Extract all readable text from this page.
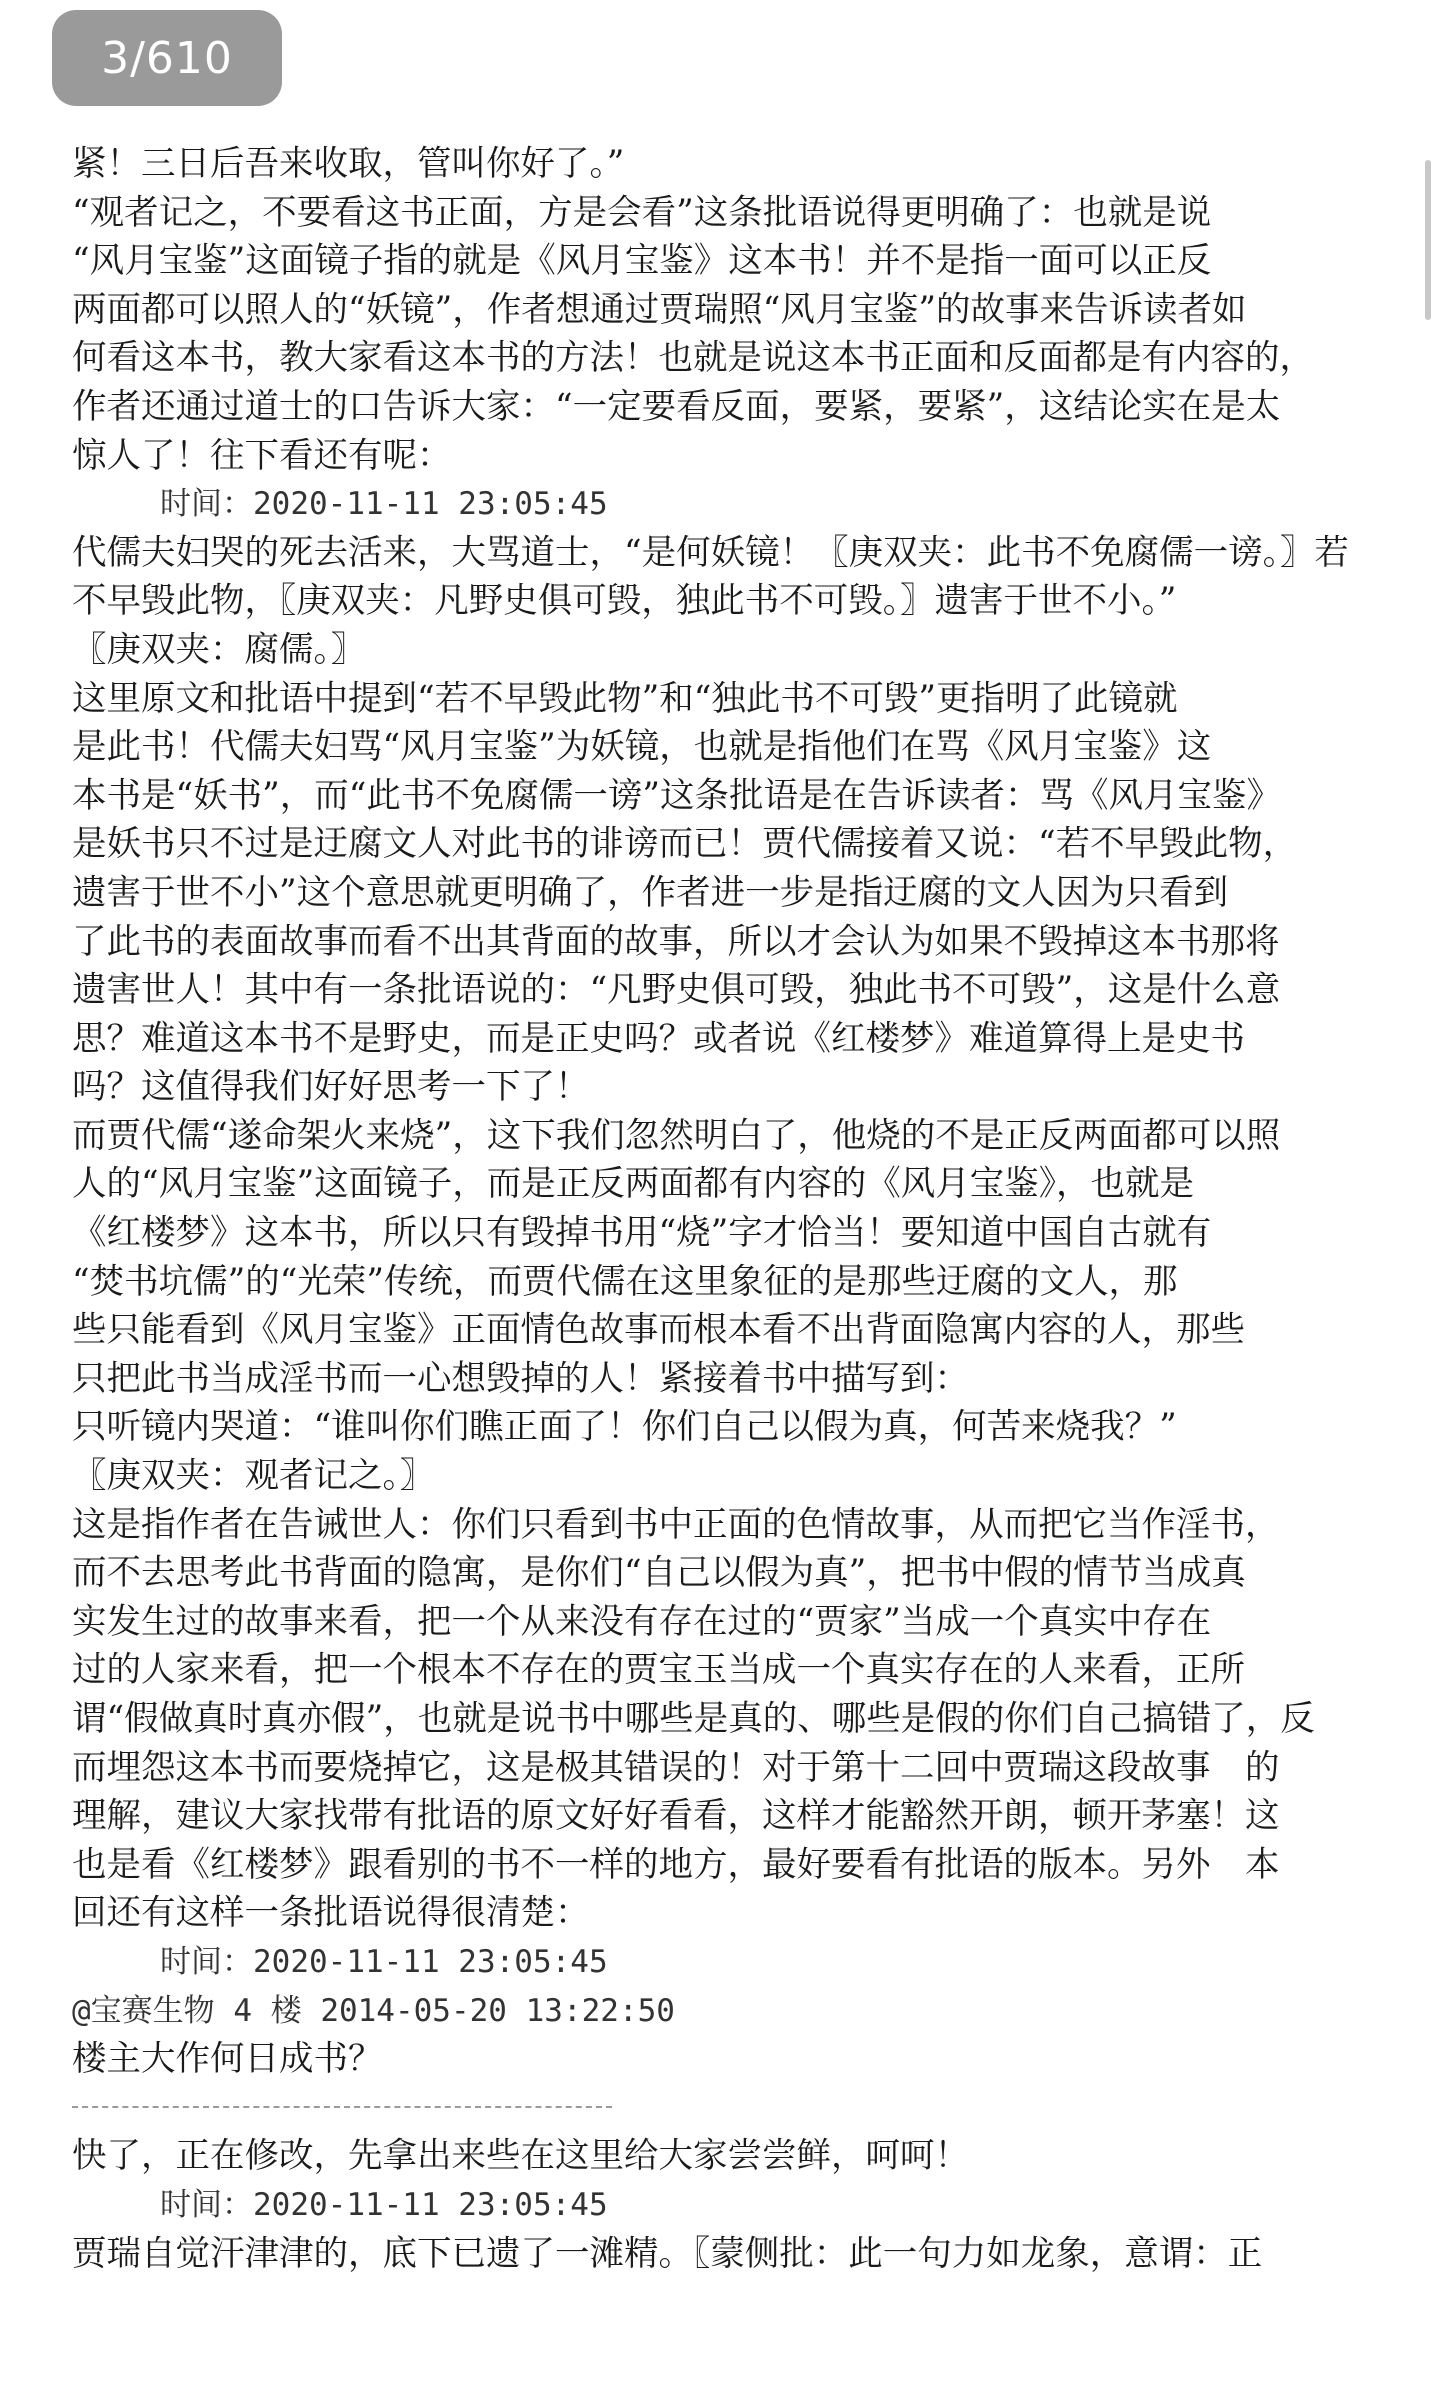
3/610
紧！三日后吾来收取，管叫你好了。”
“观者记之，不要看这书正面，方是会看”这条批语说得更明确了：也就是说
“风月宝鉴”这面镜子指的就是《风月宝鉴》这本书！并不是指一面可以正反
两面都可以照人的“妖镜”，作者想通过贾瑞照“风月宝鉴”的故事来告诉读者如
何看这本书，教大家看这本书的方法！也就是说这本书正面和反面都是有内容的，
作者还通过道士的口告诉大家：“一定要看反面，要紧，要紧”，这结论实在是太
惊人了！往下看还有呢：
时间：2020-11-11 23:05:45
代儒夫妇哭的死去活来，大骂道士，“是何妖镜！〖庚双夹：此书不免腐儒一谤。〗若
不早毁此物，〖庚双夹：凡野史俱可毁，独此书不可毁。〗遗害于世不小。”
〖庚双夹：腐儒。〗
这里原文和批语中提到“若不早毁此物”和“独此书不可毁”更指明了此镜就
是此书！代儒夫妇骂“风月宝鉴”为妖镜，也就是指他们在骂《风月宝鉴》这
本书是“妖书”，而“此书不免腐儒一谤”这条批语是在告诉读者：骂《风月宝鉴》
是妖书只不过是迂腐文人对此书的诽谤而已！贾代儒接着又说：“若不早毁此物，
遗害于世不小”这个意思就更明确了，作者进一步是指迂腐的文人因为只看到
了此书的表面故事而看不出其背面的故事，所以才会认为如果不毁掉这本书那将
遗害世人！其中有一条批语说的：“凡野史俱可毁，独此书不可毁”，这是什么意
思？难道这本书不是野史，而是正史吗？或者说《红楼梦》难道算得上是史书
吗？这值得我们好好思考一下了！
而贾代儒“遂命架火来烧”，这下我们忽然明白了，他烧的不是正反两面都可以照
人的“风月宝鉴”这面镜子，而是正反两面都有内容的《风月宝鉴》，也就是
《红楼梦》这本书，所以只有毁掉书用“烧”字才恰当！要知道中国自古就有
“焚书坑儒”的“光荣”传统，而贾代儒在这里象征的是那些迂腐的文人，那
些只能看到《风月宝鉴》正面情色故事而根本看不出背面隐寓内容的人，那些
只把此书当成淫书而一心想毁掉的人！紧接着书中描写到：
只听镜内哭道：“谁叫你们瞧正面了！你们自己以假为真，何苦来烧我？”
〖庚双夹：观者记之。〗
这是指作者在告诫世人：你们只看到书中正面的色情故事，从而把它当作淫书，
而不去思考此书背面的隐寓，是你们“自己以假为真”，把书中假的情节当成真
实发生过的故事来看，把一个从来没有存在过的“贾家”当成一个真实中存在
过的人家来看，把一个根本不存在的贾宝玉当成一个真实存在的人来看，正所
谓“假做真时真亦假”，也就是说书中哪些是真的、哪些是假的你们自己搞错了，反
而埋怨这本书而要烧掉它，这是极其错误的！对于第十二回中贾瑞这段故事　的
理解，建议大家找带有批语的原文好好看看，这样才能豁然开朗，顿开茅塞！这
也是看《红楼梦》跟看别的书不一样的地方，最好要看有批语的版本。另外　本
回还有这样一条批语说得很清楚：
时间：2020-11-11 23:05:45
@宝赛生物 4 楼 2014-05-20 13:22:50
楼主大作何日成书？
快了，正在修改，先拿出来些在这里给大家尝尝鲜，呵呵！
时间：2020-11-11 23:05:45
贾瑞自觉汗津津的，底下已遗了一滩精。〖蒙侧批：此一句力如龙象，意谓：正
